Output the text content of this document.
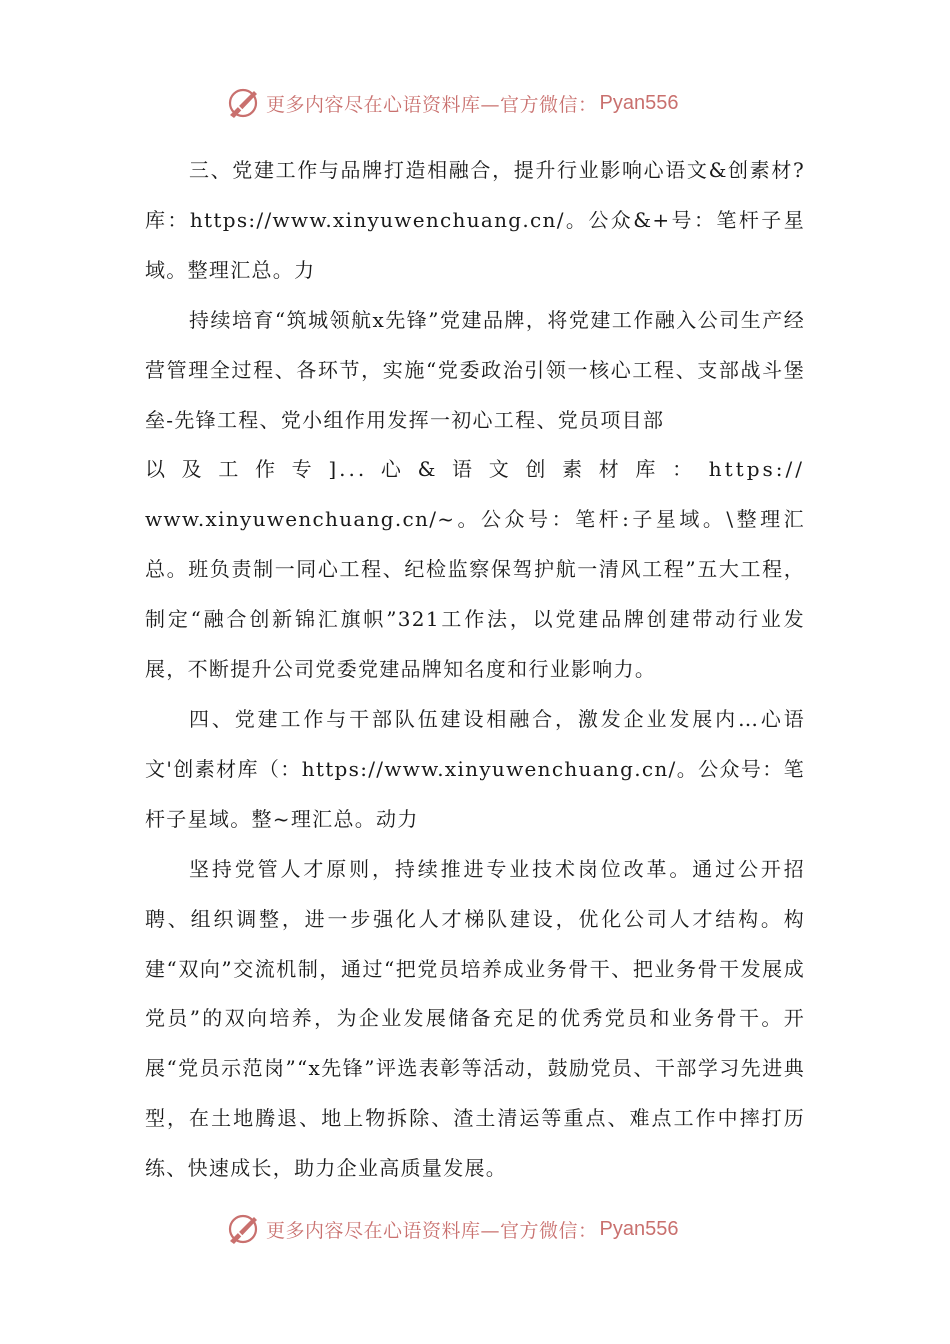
更多内容尽在心语资料库—官方微信： Pyan556

三、党建工作与品牌打造相融合，提升行业影响心语文&创素材?库：https://www.xinyuwenchuang.cn/。公众&+号：笔杆子星域。整理汇总。力

持续培育“筑城领航x先锋”党建品牌，将党建工作融入公司生产经营管理全过程、各环节，实施“党委政治引领一核心工程、支部战斗堡垒-先锋工程、党小组作用发挥一初心工程、党员项目部

以及工作专]...心&语文创素材库：https://

www.xinyuwenchuang.cn/~。公众号：笔杆:子星域。\整理汇总。班负责制一同心工程、纪检监察保驾护航一清风工程”五大工程，制定“融合创新锦汇旗帜”321工作法，以党建品牌创建带动行业发展，不断提升公司党委党建品牌知名度和行业影响力。

四、党建工作与干部队伍建设相融合，激发企业发展内…心语文'创素材库（：https://www.xinyuwenchuang.cn/。公众号：笔杆子星域。整~理汇总。动力

坚持党管人才原则，持续推进专业技术岗位改革。通过公开招聘、组织调整，进一步强化人才梯队建设，优化公司人才结构。构建“双向”交流机制，通过“把党员培养成业务骨干、把业务骨干发展成党员”的双向培养，为企业发展储备充足的优秀党员和业务骨干。开展“党员示范岗”“x先锋”评选表彰等活动，鼓励党员、干部学习先进典型，在土地腾退、地上物拆除、渣土清运等重点、难点工作中摔打历练、快速成长，助力企业高质量发展。

更多内容尽在心语资料库—官方微信： Pyan556
